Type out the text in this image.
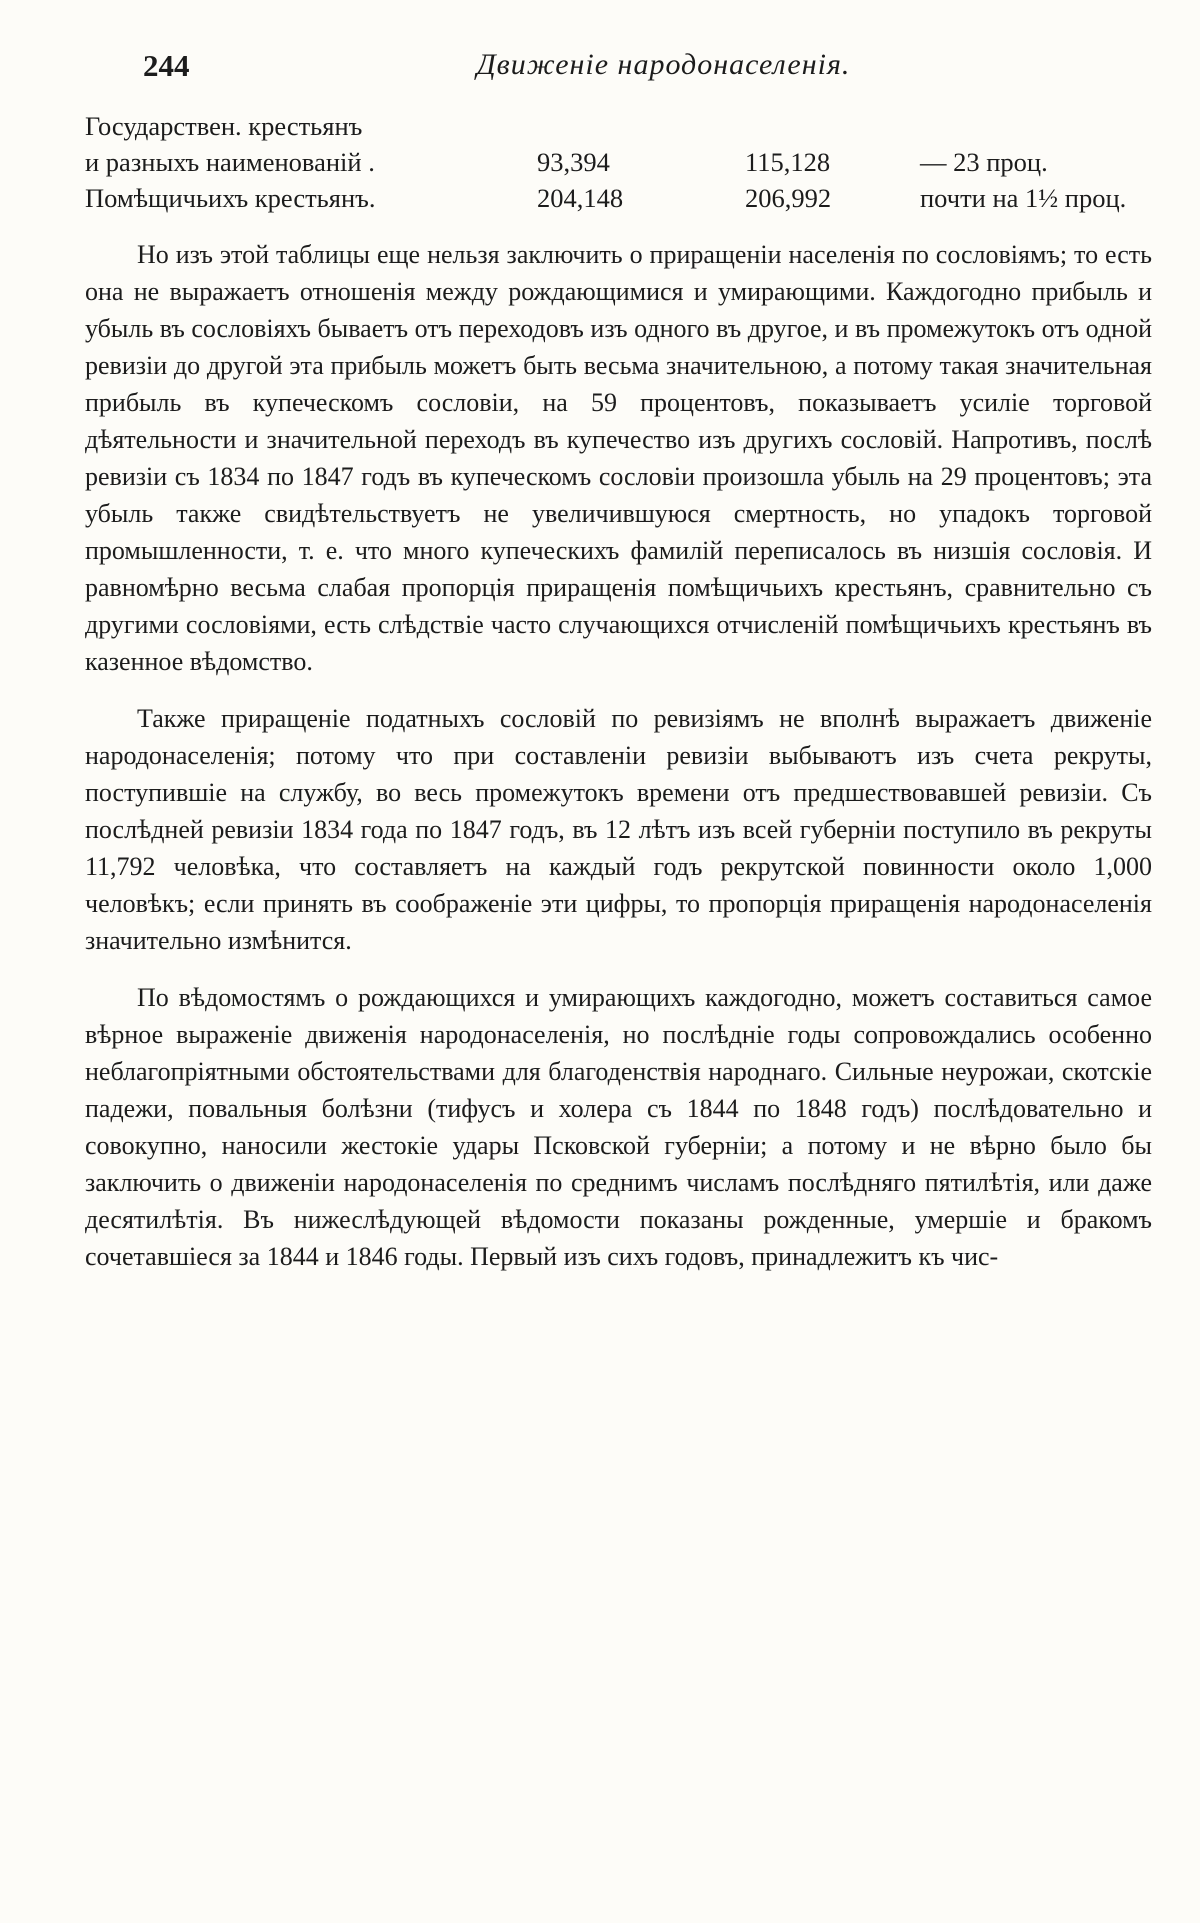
244	Движеніе народонаселенія.
Государствен. крестьянъ
и разныхъ наименованій .	93,394	115,128	— 23 проц.
Помѣщичьихъ крестьянъ.	204,148	206,992	почти на 1½ проц.

Но изъ этой таблицы еще нельзя заключить о приращеніи населенія по сословіямъ; то есть она не выражаетъ отношенія между рождающимися и умирающими. Каждогодно прибыль и убыль въ сословіяхъ бываетъ отъ переходовъ изъ одного въ другое, и въ промежутокъ отъ одной ревизіи до другой эта прибыль можетъ быть весьма значительною, а потому такая значительная прибыль въ купеческомъ сословіи, на 59 процентовъ, показываетъ усиліе торговой дѣятельности и значительной переходъ въ купечество изъ другихъ сословій. Напротивъ, послѣ ревизіи съ 1834 по 1847 годъ въ купеческомъ сословіи произошла убыль на 29 процентовъ; эта убыль также свидѣтельствуетъ не увеличившуюся смертность, но упадокъ торговой промышленности, т. е. что много купеческихъ фамилій переписалось въ низшія сословія. И равномѣрно весьма слабая пропорція приращенія помѣщичьихъ крестьянъ, сравнительно съ другими сословіями, есть слѣдствіе часто случающихся отчисленій помѣщичьихъ крестьянъ въ казенное вѣдомство.

Также приращеніе податныхъ сословій по ревизіямъ не вполнѣ выражаетъ движеніе народонаселенія; потому что при составленіи ревизіи выбываютъ изъ счета рекруты, поступившіе на службу, во весь промежутокъ времени отъ предшествовавшей ревизіи. Съ послѣдней ревизіи 1834 года по 1847 годъ, въ 12 лѣтъ изъ всей губерніи поступило въ рекруты 11,792 человѣка, что составляетъ на каждый годъ рекрутской повинности около 1,000 человѣкъ; если принять въ соображеніе эти цифры, то пропорція приращенія народонаселенія значительно измѣнится.

По вѣдомостямъ о рождающихся и умирающихъ каждогодно, можетъ составиться самое вѣрное выраженіе движенія народонаселенія, но послѣдніе годы сопровождались особенно неблагопріятными обстоятельствами для благоденствія народнаго. Сильные неурожаи, скотскіе падежи, повальныя болѣзни (тифусъ и холера съ 1844 по 1848 годъ) послѣдовательно и совокупно, наносили жестокіе удары Псковской губерніи; а потому и не вѣрно было бы заключить о движеніи народонаселенія по среднимъ числамъ послѣдняго пятилѣтія, или даже десятилѣтія. Въ нижеслѣдующей вѣдомости показаны рожденные, умершіе и бракомъ сочетавшіеся за 1844 и 1846 годы. Первый изъ сихъ годовъ, принадлежитъ къ чис-
